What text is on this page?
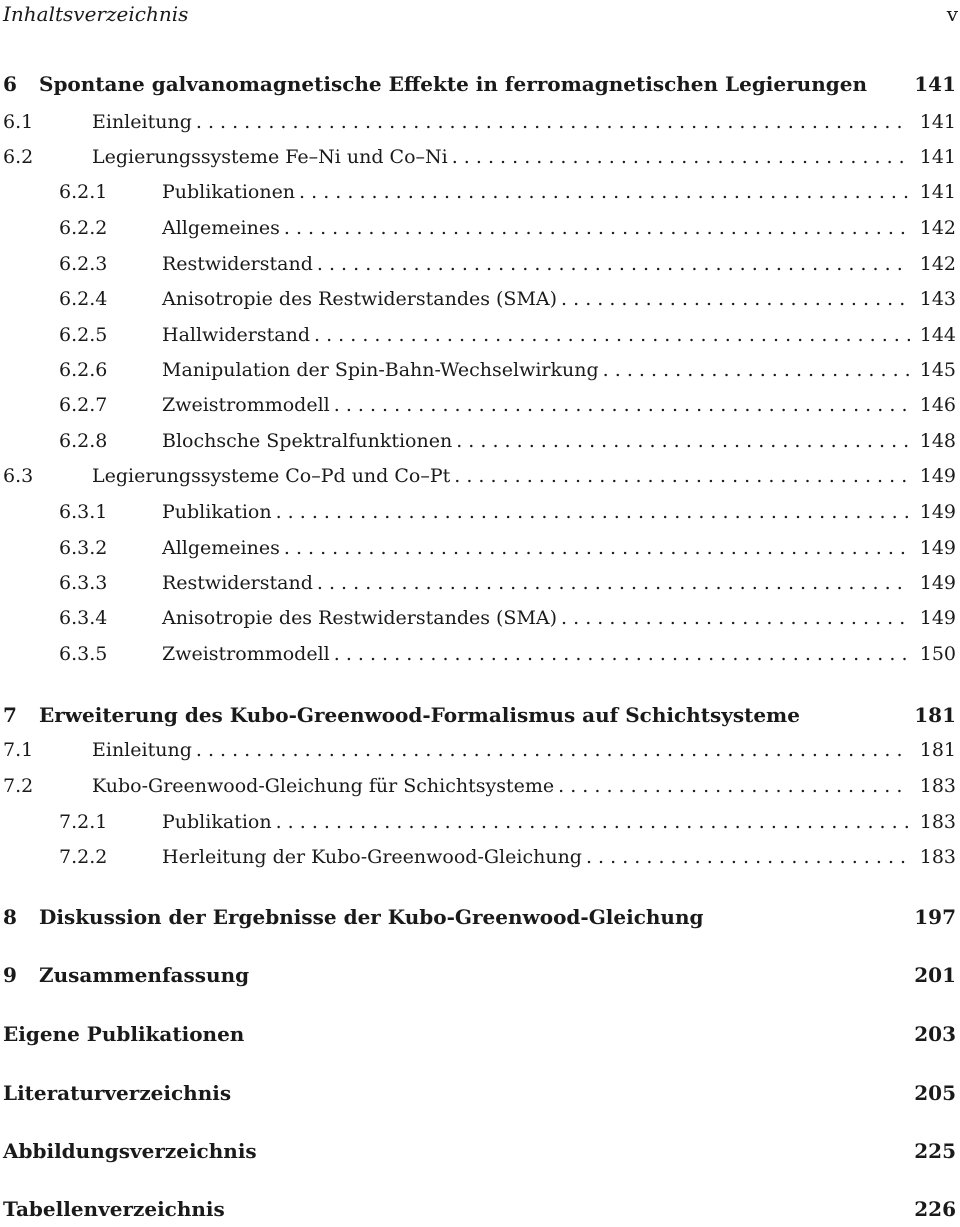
Inhaltsverzeichnis	v
6	Spontane galvanomagnetische Effekte in ferromagnetischen Legierungen 141
6.1	Einleitung . . .	141
6.2	Legierungssysteme Fe–Ni und Co–Ni . . .	141
6.2.1	Publikationen . . .	141
6.2.2	Allgemeines . . .	142
6.2.3	Restwiderstand . . .	142
6.2.4	Anisotropie des Restwiderstandes (SMA) . . .	143
6.2.5	Hallwiderstand . . .	144
6.2.6	Manipulation der Spin-Bahn-Wechselwirkung . . .	145
6.2.7	Zweistrommodell . . .	146
6.2.8	Blochsche Spektralfunktionen . . .	148
6.3	Legierungssysteme Co–Pd und Co–Pt . . .	149
6.3.1	Publikation . . .	149
6.3.2	Allgemeines . . .	149
6.3.3	Restwiderstand . . .	149
6.3.4	Anisotropie des Restwiderstandes (SMA) . . .	149
6.3.5	Zweistrommodell . . .	150
7	Erweiterung des Kubo-Greenwood-Formalismus auf Schichtsysteme	181
7.1	Einleitung . . .	181
7.2	Kubo-Greenwood-Gleichung für Schichtsysteme . . .	183
7.2.1	Publikation . . .	183
7.2.2	Herleitung der Kubo-Greenwood-Gleichung . . .	183
8	Diskussion der Ergebnisse der Kubo-Greenwood-Gleichung	197
9	Zusammenfassung	201
Eigene Publikationen	203
Literaturverzeichnis	205
Abbildungsverzeichnis	225
Tabellenverzeichnis	226
